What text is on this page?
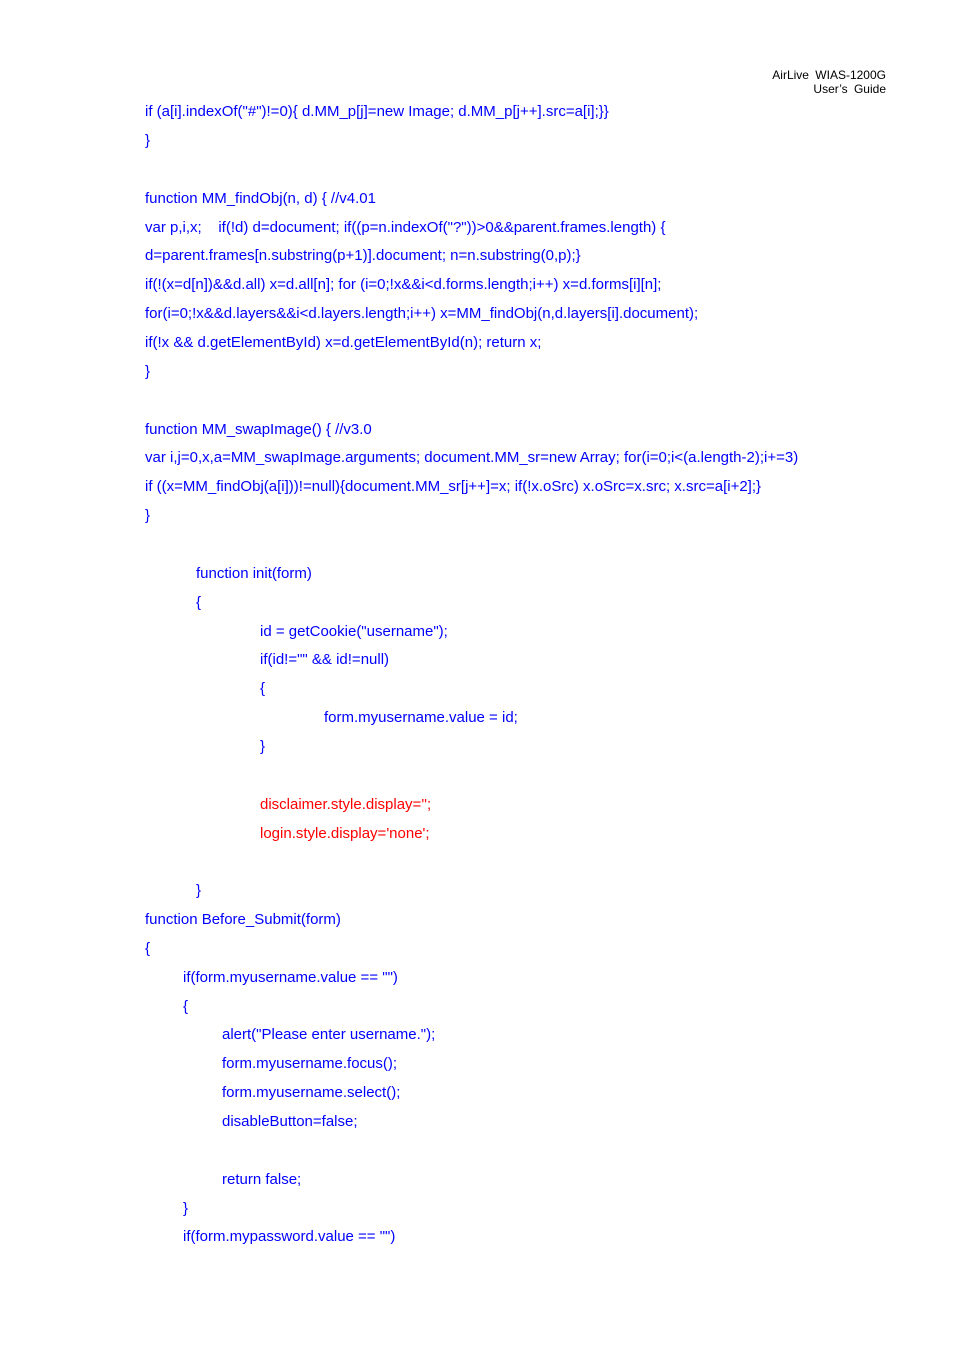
AirLive WIAS-1200G
User’s Guide
if (a[i].indexOf("#")!=0){ d.MM_p[j]=new Image; d.MM_p[j++].src=a[i];}}
}
function MM_findObj(n, d) { //v4.01
var p,i,x;    if(!d) d=document; if((p=n.indexOf("?"))>0&&parent.frames.length) {
d=parent.frames[n.substring(p+1)].document; n=n.substring(0,p);}
if(!(x=d[n])&&d.all) x=d.all[n]; for (i=0;!x&&i<d.forms.length;i++) x=d.forms[i][n];
for(i=0;!x&&d.layers&&i<d.layers.length;i++) x=MM_findObj(n,d.layers[i].document);
if(!x && d.getElementById) x=d.getElementById(n); return x;
}
function MM_swapImage() { //v3.0
var i,j=0,x,a=MM_swapImage.arguments; document.MM_sr=new Array; for(i=0;i<(a.length-2);i+=3)
if ((x=MM_findObj(a[i]))!=null){document.MM_sr[j++]=x; if(!x.oSrc) x.oSrc=x.src; x.src=a[i+2];}
}
function init(form)
{
id = getCookie("username");
if(id!="" && id!=null)
{
form.myusername.value = id;
}
disclaimer.style.display='';
login.style.display='none';
}
function Before_Submit(form)
{
if(form.myusername.value == "")
{
alert("Please enter username.");
form.myusername.focus();
form.myusername.select();
disableButton=false;
return false;
}
if(form.mypassword.value == "")
